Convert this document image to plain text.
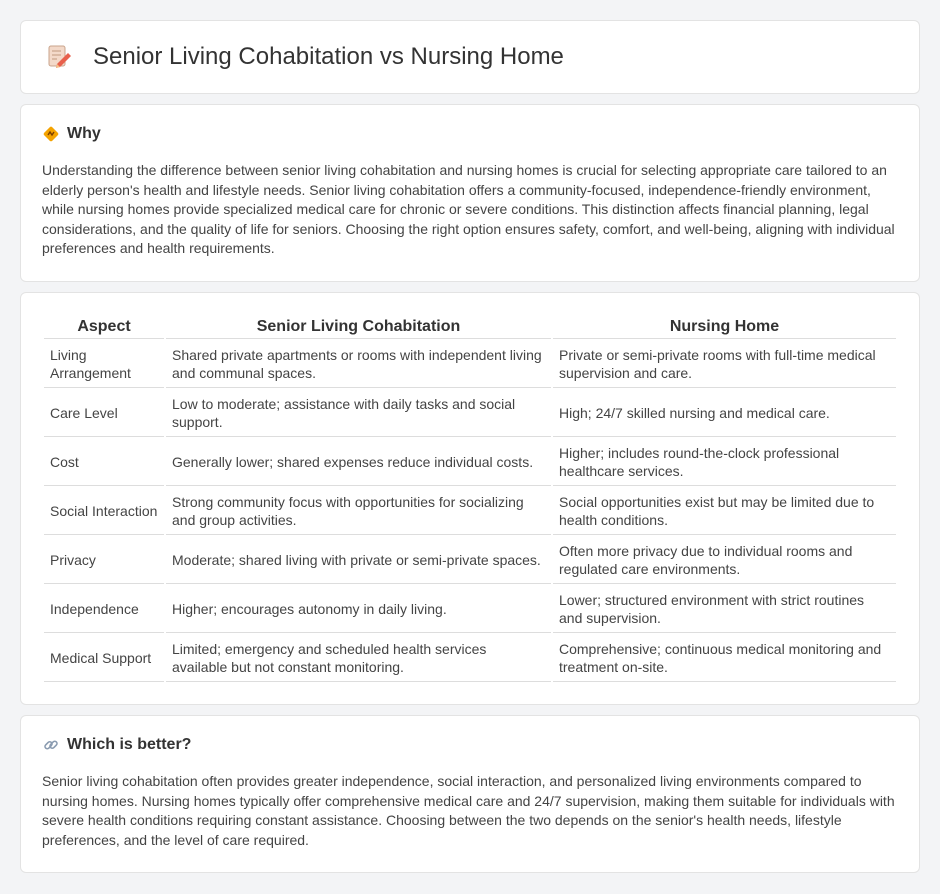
Senior Living Cohabitation vs Nursing Home
Why

Understanding the difference between senior living cohabitation and nursing homes is crucial for selecting appropriate care tailored to an elderly person's health and lifestyle needs. Senior living cohabitation offers a community-focused, independence-friendly environment, while nursing homes provide specialized medical care for chronic or severe conditions. This distinction affects financial planning, legal considerations, and the quality of life for seniors. Choosing the right option ensures safety, comfort, and well-being, aligning with individual preferences and health requirements.

Aspect	Senior Living Cohabitation	Nursing Home
Living Arrangement	Shared private apartments or rooms with independent living and communal spaces.	Private or semi-private rooms with full-time medical supervision and care.
Care Level	Low to moderate; assistance with daily tasks and social support.	High; 24/7 skilled nursing and medical care.
Cost	Generally lower; shared expenses reduce individual costs.	Higher; includes round-the-clock professional healthcare services.
Social Interaction	Strong community focus with opportunities for socializing and group activities.	Social opportunities exist but may be limited due to health conditions.
Privacy	Moderate; shared living with private or semi-private spaces.	Often more privacy due to individual rooms and regulated care environments.
Independence	Higher; encourages autonomy in daily living.	Lower; structured environment with strict routines and supervision.
Medical Support	Limited; emergency and scheduled health services available but not constant monitoring.	Comprehensive; continuous medical monitoring and treatment on-site.
Which is better?

Senior living cohabitation often provides greater independence, social interaction, and personalized living environments compared to nursing homes. Nursing homes typically offer comprehensive medical care and 24/7 supervision, making them suitable for individuals with severe health conditions requiring constant assistance. Choosing between the two depends on the senior's health needs, lifestyle preferences, and the level of care required.
